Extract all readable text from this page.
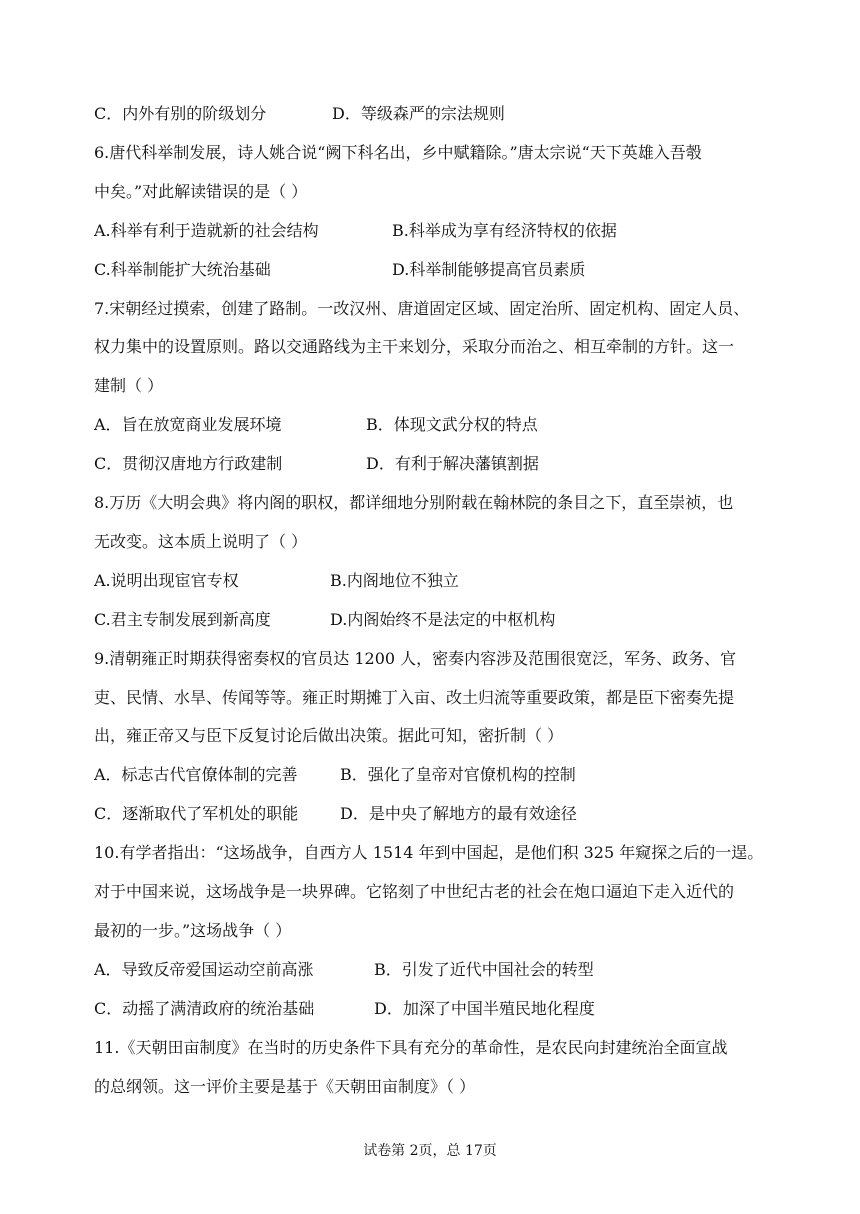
C．内外有别的阶级划分	D．等级森严的宗法规则
6.唐代科举制发展，诗人姚合说“阙下科名出，乡中赋籍除。”唐太宗说“天下英雄入吾彀
中矣。”对此解读错误的是（ ）
A.科举有利于造就新的社会结构	B.科举成为享有经济特权的依据
C.科举制能扩大统治基础	D.科举制能够提高官员素质
7.宋朝经过摸索，创建了路制。一改汉州、唐道固定区域、固定治所、固定机构、固定人员、
权力集中的设置原则。路以交通路线为主干来划分，采取分而治之、相互牵制的方针。这一
建制（ ）
A．旨在放宽商业发展环境	B．体现文武分权的特点
C．贯彻汉唐地方行政建制	D．有利于解决藩镇割据
8.万历《大明会典》将内阁的职权，都详细地分别附载在翰林院的条目之下，直至崇祯，也
无改变。这本质上说明了（ ）
A.说明出现宦官专权	B.内阁地位不独立
C.君主专制发展到新高度	D.内阁始终不是法定的中枢机构
9.清朝雍正时期获得密奏权的官员达 1200 人，密奏内容涉及范围很宽泛，军务、政务、官
吏、民情、水旱、传闻等等。雍正时期摊丁入亩、改土归流等重要政策，都是臣下密奏先提
出，雍正帝又与臣下反复讨论后做出决策。据此可知，密折制（ ）
A．标志古代官僚体制的完善	B．强化了皇帝对官僚机构的控制
C．逐渐取代了军机处的职能	D．是中央了解地方的最有效途径
10.有学者指出：“这场战争，自西方人 1514 年到中国起，是他们积 325 年窥探之后的一逞。
对于中国来说，这场战争是一块界碑。它铭刻了中世纪古老的社会在炮口逼迫下走入近代的
最初的一步。”这场战争（ ）
A．导致反帝爱国运动空前高涨	B．引发了近代中国社会的转型
C．动摇了满清政府的统治基础	D．加深了中国半殖民地化程度
11.《天朝田亩制度》在当时的历史条件下具有充分的革命性，是农民向封建统治全面宣战
的总纲领。这一评价主要是基于《天朝田亩制度》（ ）
试卷第 2页，总 17页
